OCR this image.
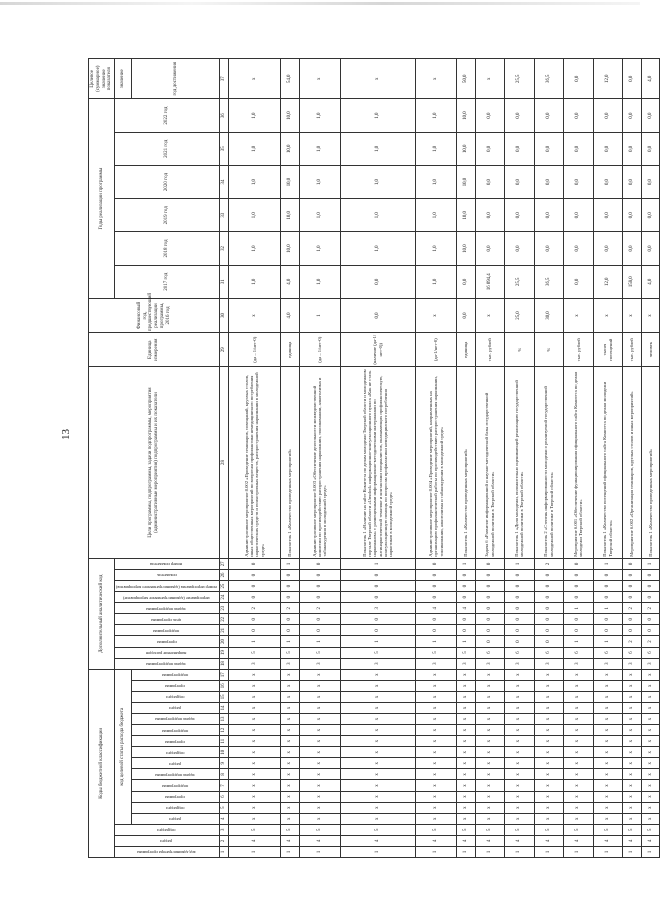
13
Коды бюджетной классификации																	Дополнительный аналитический код										Цели программы, подпрограммы, задачи подпрограммы, мероприятия (административные мероприятия) подпрограммы и их показатели	Единица измерения	Финансовый год, предшествующий реализации программы, 2016 год	Годы реализации программы						Целевое (суммарное) значение показателя
код администратора программы	раздел	подраздел	код целевой статьи расхода бюджета														задача подпрограммы	направление расходов	программа	подпрограмма	цель программы	задача подпрограммы	мероприятие (административное мероприятие)	номер мероприятия (административного мероприятия)	показатель	номер показателя				2017 год	2018 год	2019 год	2020 год	2021 год	2022 год	значение
			раздел	подраздел	программа	подпрограмма	задача подпрограммы	раздел	подраздел	программа	подпрограмма	задача подпрограммы	раздел	подраздел	программа	подпрограмма																				год достижения
1	2	3	4	5	6	7	8	9	10	11	12	13	14	15	16	17	18	19	20	21	22	23	24	25	26	27	28	29	30	31	32	33	34	35	36	37
1	4	5	х	х	х	х	х	х	х	х	х	х	х	х	х	х	3	5	1	0	0	2	0	0	0	0	Административное мероприятие 8.002 «Проведение семинаров, совещаний, круглых столов, иных общественных мероприятий по вопросам профилактики немедицинского потребления наркотических средств и психотропных веществ, распространения наркомании в молодежной среде»	(да – 1/нет-0)	х	1,0	1,0	1,0	1,0	1,0	1,0	х
1	4	5	х	х	х	х	х	х	х	х	х	х	х	х	х	х	3	5	1	0	0	2	0	0	0	1	Показатель 1 «Количество проведенных мероприятий»	единица	4,0	4,0	10,0	10,0	10,0	10,0	10,0	54,0
1	4	5	х	х	х	х	х	х	х	х	х	х	х	х	х	х	3	5	1	0	0	2	0	0	0	0	Административное мероприятие 8.003 «Обеспечение деятельности межведомственной комиссии по противодействию распространения наркомании, токсикомании, алкоголизма и табакокурения в молодежной среде»	(да – 1/нет-0)	1	1,0	1,0	1,0	1,0	1,0	1,0	х
1	4	5	х	х	х	х	х	х	х	х	х	х	х	х	х	х	3	5	1	0	0	3	0	0	0	1	Показатель 1 «Наличие на сайте Комитета по делам молодежи Тверской области и молодежном портале Тверской области «Umolod» информационно-консультационного пункта «Как не стать наркоманом» с размещенными информационно-методическими материалами по антинаркотической тематике и контактами специалистов, оказывающих профилактическую, консультационную помощь по вопросам профилактики немедицинского потребления наркотиков в молодежной среде»	(наличие (да-1/нет-0))	0,0	0,0	1,0	1,0	1,0	1,0	1,0	х
1	4	5	х	х	х	х	х	х	х	х	х	х	х	х	х	х	3	5	1	0	0	4	0	0	0	0	Административное мероприятие 8.004 «Проведение мероприятий, направленных на организацию профилактической работы по противодействию распространения наркомании, токсикомании, алкоголизма и табакокурения в молодежной среде»	(да-1/нет-0)	х	1,0	1,0	1,0	1,0	1,0	1,0	х
1	4	5	х	х	х	х	х	х	х	х	х	х	х	х	х	х	3	5	1	0	0	4	0	0	0	1	Показатель 1 «Количество проведенных мероприятий»	единица	0,0	0,0	10,0	10,0	10,0	10,0	10,0	50,0
1	4	5	х	х	х	х	х	х	х	х	х	х	х	х	х	х	3	6	0	0	0	0	0	0	0	0	Задача 6 «Развитие информационной и научно-методической базы государственной молодежной политики в Тверской области»	тыс. рублей	х	16 094,4	0,0	0,0	0,0	0,0	0,0	х
1	4	5	х	х	х	х	х	х	х	х	х	х	х	х	х	х	3	6	0	0	0	0	0	0	0	1	Показатель 1 «Доля молодежи, положительно оценивающей реализацию государственной молодежной политики в Тверской области»	%	25,0	25,5	0,0	0,0	0,0	0,0	0,0	25,5
1	4	5	х	х	х	х	х	х	х	х	х	х	х	х	х	х	3	6	0	0	0	0	0	0	0	2	Показатель 2 «Степень информированности молодежи о реализуемой государственной молодежной политике в Тверской области»	%	30,0	36,5	0,0	0,0	0,0	0,0	0,0	36,5
1	4	5	х	х	х	х	х	х	х	х	х	х	х	х	х	х	3	6	1	0	0	1	0	0	0	0	Мероприятие 6.001 «Обеспечение функционирования официального сайта Комитета по делам молодежи Тверской области»	тыс. рублей	х	0,0	0,0	0,0	0,0	0,0	0,0	0,0
1	4	5	х	х	х	х	х	х	х	х	х	х	х	х	х	х	3	6	1	0	0	1	0	0	0	1	Показатель 1 «Количество посещений официального сайта Комитета по делам молодежи Тверской области»	тысяч посещений	х	12,0	0,0	0,0	0,0	0,0	0,0	12,0
1	4	5	х	х	х	х	х	х	х	х	х	х	х	х	х	х	3	6	2	0	0	2	0	0	0	0	Мероприятие 6.002 «Организация семинаров, круглых столов и иных мероприятий»	тыс. рублей	х	158,0	0,0	0,0	0,0	0,0	0,0	0,0
1	4	5	х	х	х	х	х	х	х	х	х	х	х	х	х	х	3	6	2	0	0	2	0	0	0	1	Показатель 1 «Количество проведенных мероприятий»	человек	х	4,0	0,0	0,0	0,0	0,0	0,0	4,0
